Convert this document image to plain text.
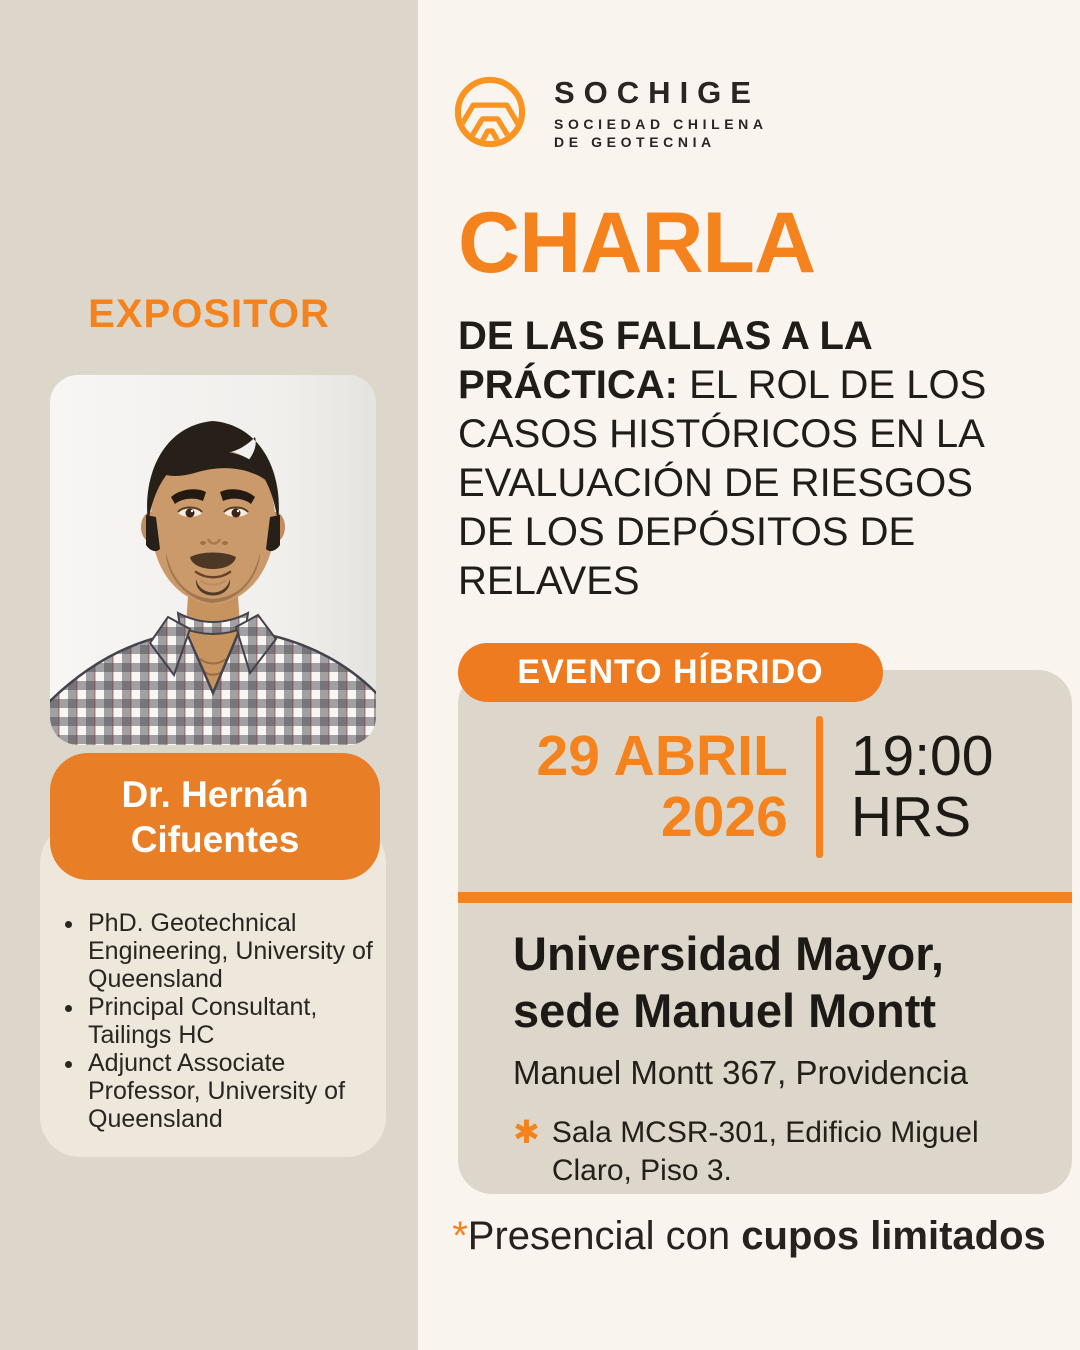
EXPOSITOR
Dr. Hernán
Cifuentes
• PhD. Geotechnical Engineering, University of Queensland
• Principal Consultant, Tailings HC
• Adjunct Associate Professor, University of Queensland
SOCHIGE
SOCIEDAD CHILENA
DE GEOTECNIA
CHARLA
DE LAS FALLAS A LA PRÁCTICA: EL ROL DE LOS CASOS HISTÓRICOS EN LA EVALUACIÓN DE RIESGOS DE LOS DEPÓSITOS DE RELAVES
EVENTO HÍBRIDO
29 ABRIL
2026
19:00
HRS
Universidad Mayor,
sede Manuel Montt
Manuel Montt 367, Providencia
✱ Sala MCSR-301, Edificio Miguel Claro, Piso 3.
*Presencial con cupos limitados
